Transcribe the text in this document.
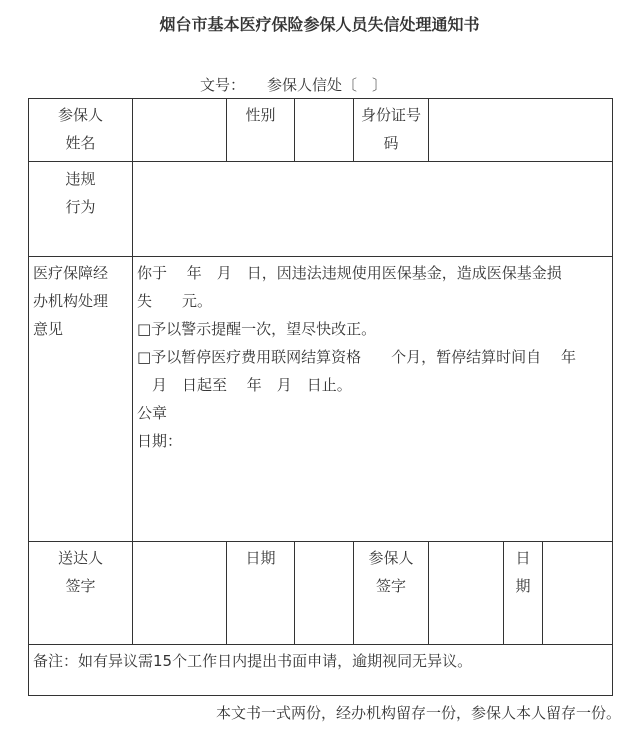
烟台市基本医疗保险参保人员失信处理通知书
文号： 参保人信处〔　〕
参保人
姓名
性别	身份证号
码
违规
行为
医疗保障经
办机构处理
意见
你于　 年　月　日，因违法违规使用医保基金，造成医保基金损
失　　元。
□予以警示提醒一次，望尽快改正。
□予以暂停医疗费用联网结算资格　　个月，暂停结算时间自　 年
　月　日起至　 年　月　日止。
公章
日期：
送达人
签字
日期	参保人
签字
日
期
备注：如有异议需15个工作日内提出书面申请，逾期视同无异议。
本文书一式两份，经办机构留存一份，参保人本人留存一份。
